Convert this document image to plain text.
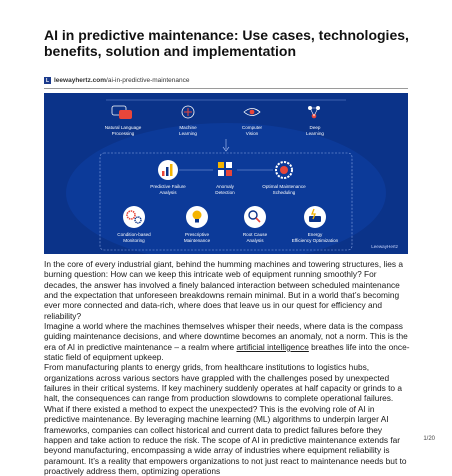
AI in predictive maintenance: Use cases, technologies, benefits, solution and implementation
L leewayhertz.com/ai-in-predictive-maintenance
Natural Language
Processing
Machine
Learning
Computer
Vision
Deep
Learning
Predictive Failure
Analysis
Anomaly
Detection
Optimal Maintenance
Scheduling
Condition-based
Monitoring
Prescriptive
Maintenance
Root Cause
Analysis
Energy
Efficiency Optimization
LeewayHertz

In the core of every industrial giant, behind the humming machines and towering structures, lies a burning question: How can we keep this intricate web of equipment running smoothly? For decades, the answer has involved a finely balanced interaction between scheduled maintenance and the expectation that unforeseen breakdowns remain minimal. But in a world that’s becoming ever more connected and data-rich, where does that leave us in our quest for efficiency and reliability?

Imagine a world where the machines themselves whisper their needs, where data is the compass guiding maintenance decisions, and where downtime becomes an anomaly, not a norm. This is the era of AI in predictive maintenance – a realm where artificial intelligence breathes life into the once-static field of equipment upkeep.

From manufacturing plants to energy grids, from healthcare institutions to logistics hubs, organizations across various sectors have grappled with the challenges posed by unexpected failures in their critical systems. If key machinery suddenly operates at half capacity or grinds to a halt, the consequences can range from production slowdowns to complete operational failures.

What if there existed a method to expect the unexpected? This is the evolving role of AI in predictive maintenance. By leveraging machine learning (ML) algorithms to underpin larger AI frameworks, companies can collect historical and current data to predict failures before they happen and take action to reduce the risk. The scope of AI in predictive maintenance extends far beyond manufacturing, encompassing a wide array of industries where equipment reliability is paramount. It’s a reality that empowers organizations to not just react to maintenance needs but to proactively address them, optimizing operations

1/20
